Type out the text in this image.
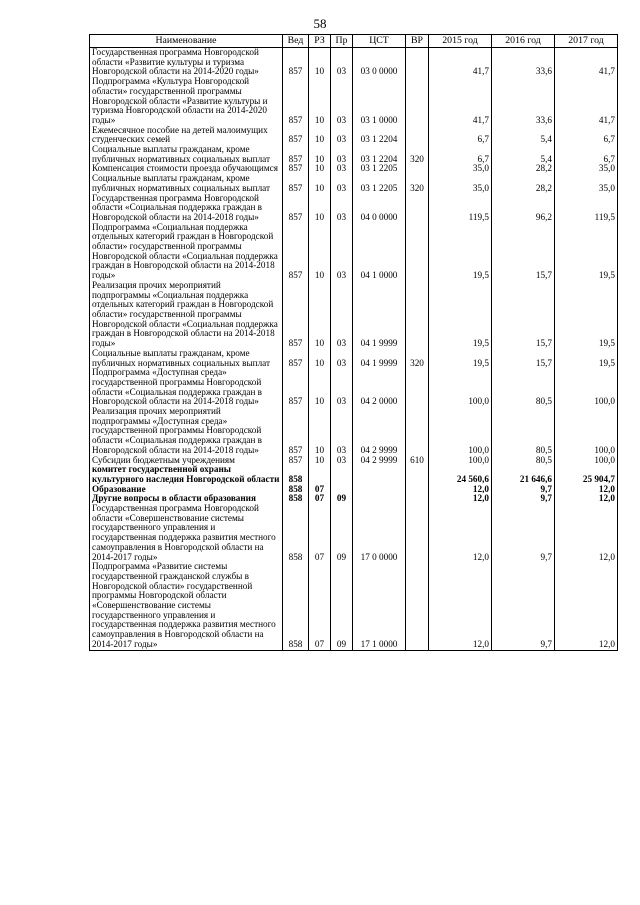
58
Наименование	Вед	РЗ	Пр	ЦСТ	ВР	2015 год	2016 год	2017 год
Государственная программа Новгородской области «Развитие культуры и туризма Новгородской области на 2014-2020 годы»	857	10	03	03 0 0000		41,7	33,6	41,7
Подпрограмма «Культура Новгородской области» государственной программы Новгородской области «Развитие культуры и туризма Новгородской области на 2014-2020 годы»	857	10	03	03 1 0000		41,7	33,6	41,7
Ежемесячное пособие на детей малоимущих студенческих семей	857	10	03	03 1 2204		6,7	5,4	6,7
Социальные выплаты гражданам, кроме публичных нормативных социальных выплат	857	10	03	03 1 2204	320	6,7	5,4	6,7
Компенсация стоимости проезда обучающимся	857	10	03	03 1 2205		35,0	28,2	35,0
Социальные выплаты гражданам, кроме публичных нормативных социальных выплат	857	10	03	03 1 2205	320	35,0	28,2	35,0
Государственная программа Новгородской области «Социальная поддержка граждан в Новгородской области на 2014-2018 годы»	857	10	03	04 0 0000		119,5	96,2	119,5
Подпрограмма «Социальная поддержка отдельных категорий граждан в Новгородской области» государственной программы Новгородской области «Социальная поддержка граждан в Новгородской области на 2014-2018 годы»	857	10	03	04 1 0000		19,5	15,7	19,5
Реализация прочих мероприятий подпрограммы «Социальная поддержка отдельных категорий граждан в Новгородской области» государственной программы Новгородской области «Социальная поддержка граждан в Новгородской области на 2014-2018 годы»	857	10	03	04 1 9999		19,5	15,7	19,5
Социальные выплаты гражданам, кроме публичных нормативных социальных выплат	857	10	03	04 1 9999	320	19,5	15,7	19,5
Подпрограмма «Доступная среда» государственной программы Новгородской области «Социальная поддержка граждан в Новгородской области на 2014-2018 годы»	857	10	03	04 2 0000		100,0	80,5	100,0
Реализация прочих мероприятий подпрограммы «Доступная среда» государственной программы Новгородской области «Социальная поддержка граждан в Новгородской области на 2014-2018 годы»	857	10	03	04 2 9999		100,0	80,5	100,0
Субсидии бюджетным учреждениям	857	10	03	04 2 9999	610	100,0	80,5	100,0
комитет государственной охраны культурного наследия Новгородской области	858					24 560,6	21 646,6	25 904,7
Образование	858	07				12,0	9,7	12,0
Другие вопросы в области образования	858	07	09			12,0	9,7	12,0
Государственная программа Новгородской области «Совершенствование системы государственного управления и государственная поддержка развития местного самоуправления в Новгородской области на 2014-2017 годы»	858	07	09	17 0 0000		12,0	9,7	12,0
Подпрограмма «Развитие системы государственной гражданской службы в Новгородской области» государственной программы Новгородской области «Совершенствование системы государственного управления и государственная поддержка развития местного самоуправления в Новгородской области на 2014-2017 годы»	858	07	09	17 1 0000		12,0	9,7	12,0
